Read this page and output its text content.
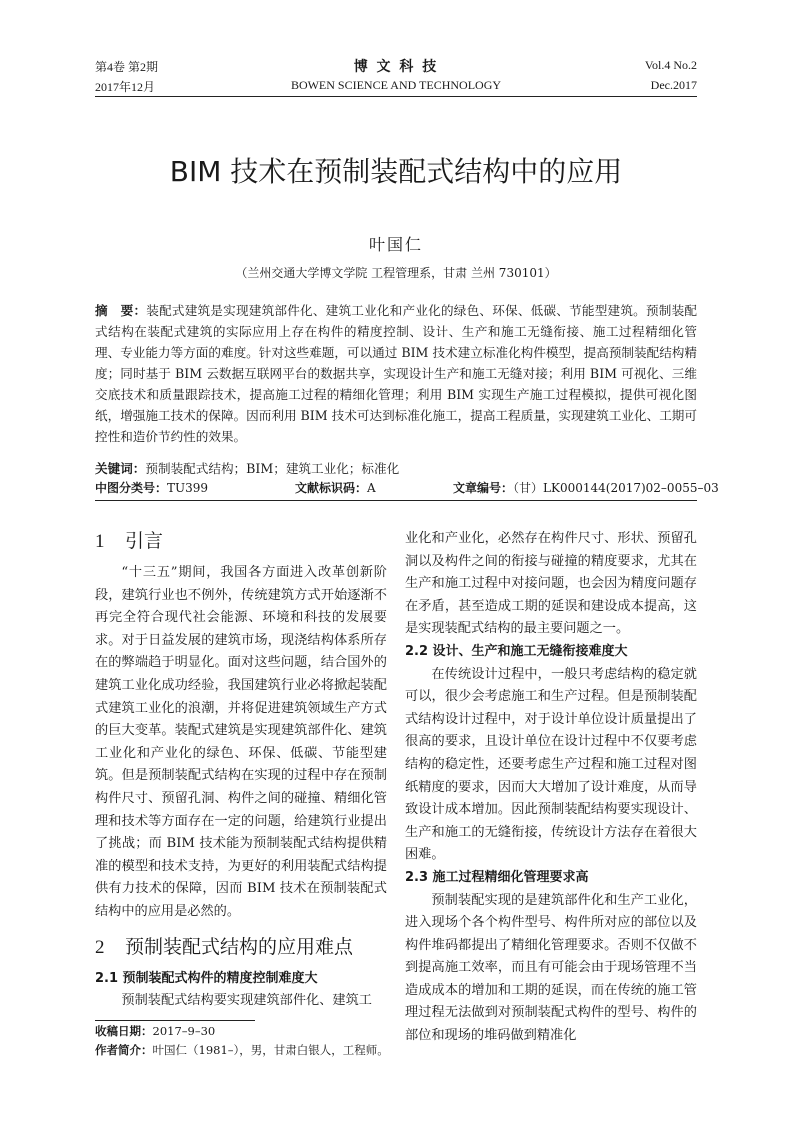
第4卷 第2期
2017年12月
博 文 科 技
BOWEN SCIENCE AND TECHNOLOGY
Vol.4 No.2
Dec.2017
BIM 技术在预制装配式结构中的应用
叶国仁
（兰州交通大学博文学院 工程管理系，甘肃 兰州 730101）
摘　要：装配式建筑是实现建筑部件化、建筑工业化和产业化的绿色、环保、低碳、节能型建筑。预制装配式结构在装配式建筑的实际应用上存在构件的精度控制、设计、生产和施工无缝衔接、施工过程精细化管理、专业能力等方面的难度。针对这些难题，可以通过 BIM 技术建立标准化构件模型，提高预制装配结构精度；同时基于 BIM 云数据互联网平台的数据共享，实现设计生产和施工无缝对接；利用 BIM 可视化、三维交底技术和质量跟踪技术，提高施工过程的精细化管理；利用 BIM 实现生产施工过程模拟，提供可视化图纸，增强施工技术的保障。因而利用 BIM 技术可达到标准化施工，提高工程质量，实现建筑工业化、工期可控性和造价节约性的效果。
关键词：预制装配式结构；BIM；建筑工业化；标准化
中图分类号：TU399	文献标识码：A	文章编号：（甘）LK000144(2017)02–0055–03
1 引言

“十三五”期间，我国各方面进入改革创新阶段，建筑行业也不例外，传统建筑方式开始逐渐不再完全符合现代社会能源、环境和科技的发展要求。对于日益发展的建筑市场，现浇结构体系所存在的弊端趋于明显化。面对这些问题，结合国外的建筑工业化成功经验，我国建筑行业必将掀起装配式建筑工业化的浪潮，并将促进建筑领域生产方式的巨大变革。装配式建筑是实现建筑部件化、建筑工业化和产业化的绿色、环保、低碳、节能型建筑。但是预制装配式结构在实现的过程中存在预制构件尺寸、预留孔洞、构件之间的碰撞、精细化管理和技术等方面存在一定的问题，给建筑行业提出了挑战；而 BIM 技术能为预制装配式结构提供精准的模型和技术支持，为更好的利用装配式结构提供有力技术的保障，因而 BIM 技术在预制装配式结构中的应用是必然的。

2 预制装配式结构的应用难点
2.1 预制装配式构件的精度控制难度大

预制装配式结构要实现建筑部件化、建筑工

业化和产业化，必然存在构件尺寸、形状、预留孔洞以及构件之间的衔接与碰撞的精度要求，尤其在生产和施工过程中对接问题，也会因为精度问题存在矛盾，甚至造成工期的延误和建设成本提高，这是实现装配式结构的最主要问题之一。

2.2 设计、生产和施工无缝衔接难度大

在传统设计过程中，一般只考虑结构的稳定就可以，很少会考虑施工和生产过程。但是预制装配式结构设计过程中，对于设计单位设计质量提出了很高的要求，且设计单位在设计过程中不仅要考虑结构的稳定性，还要考虑生产过程和施工过程对图纸精度的要求，因而大大增加了设计难度，从而导致设计成本增加。因此预制装配结构要实现设计、生产和施工的无缝衔接，传统设计方法存在着很大困难。

2.3 施工过程精细化管理要求高

预制装配实现的是建筑部件化和生产工业化，进入现场个各个构件型号、构件所对应的部位以及构件堆码都提出了精细化管理要求。否则不仅做不到提高施工效率，而且有可能会由于现场管理不当造成成本的增加和工期的延误，而在传统的施工管理过程无法做到对预制装配式构件的型号、构件的部位和现场的堆码做到精准化

收稿日期：2017–9–30
作者简介：叶国仁（1981–），男，甘肃白银人，工程师。
